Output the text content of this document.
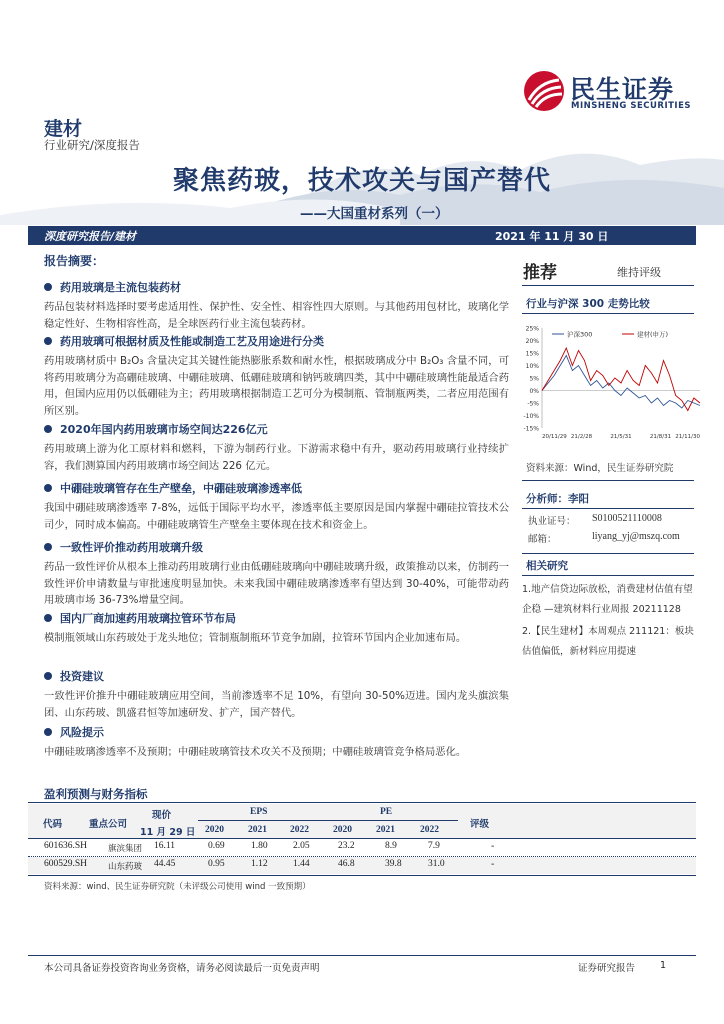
民生证券
MINSHENG SECURITIES
建材
行业研究/深度报告
聚焦药玻，技术攻关与国产替代
——大国重材系列（一）
深度研究报告/建材	2021 年 11 月 30 日
报告摘要：
药用玻璃是主流包装药材

药品包装材料选择时要考虑适用性、保护性、安全性、相容性四大原则。与其他药用包材比，玻璃化学稳定性好、生物相容性高，是全球医药行业主流包装药材。

药用玻璃可根据材质及性能或制造工艺及用途进行分类

药用玻璃材质中 B₂O₃ 含量决定其关键性能热膨胀系数和耐水性，根据玻璃成分中 B₂O₃ 含量不同，可将药用玻璃分为高硼硅玻璃、中硼硅玻璃、低硼硅玻璃和钠钙玻璃四类，其中中硼硅玻璃性能最适合药用，但国内应用仍以低硼硅为主；药用玻璃根据制造工艺可分为模制瓶、管制瓶两类，二者应用范围有所区别。

2020年国内药用玻璃市场空间达226亿元

药用玻璃上游为化工原材料和燃料，下游为制药行业。下游需求稳中有升，驱动药用玻璃行业持续扩容，我们测算国内药用玻璃市场空间达 226 亿元。

中硼硅玻璃管存在生产壁垒，中硼硅玻璃渗透率低

我国中硼硅玻璃渗透率 7-8%，远低于国际平均水平，渗透率低主要原因是国内掌握中硼硅拉管技术公司少，同时成本偏高。中硼硅玻璃管生产壁垒主要体现在技术和资金上。

一致性评价推动药用玻璃升级

药品一致性评价从根本上推动药用玻璃行业由低硼硅玻璃向中硼硅玻璃升级，政策推动以来，仿制药一致性评价申请数量与审批速度明显加快。未来我国中硼硅玻璃渗透率有望达到 30-40%，可能带动药用玻璃市场 36-73%增量空间。

国内厂商加速药用玻璃拉管环节布局

模制瓶领域山东药玻处于龙头地位；管制瓶制瓶环节竞争加剧，拉管环节国内企业加速布局。

投资建议

一致性评价推升中硼硅玻璃应用空间，当前渗透率不足 10%，有望向 30-50%迈进。国内龙头旗滨集团、山东药玻、凯盛君恒等加速研发、扩产，国产替代。

风险提示

中硼硅玻璃渗透率不及预期；中硼硅玻璃管技术攻关不及预期；中硼硅玻璃管竞争格局恶化。

推荐	维持评级
行业与沪深 300 走势比较
25%
20%
15%
10%
5%
0%
-5%
-10%
-15%
20/11/29 21/2/28	21/5/31	21/8/31 21/11/30
沪深300	建材(申万)
资料来源：Wind，民生证券研究院
分析师：李阳
执业证号： S0100521110008
邮箱：	liyang_yj@mszq.com
相关研究
1.地产信贷边际放松，消费建材估值有望企稳 —建筑材料行业周报 20211128
2.【民生建材】本周观点 211121：板块估值偏低，新材料应用提速
盈利预测与财务指标
代码	重点公司
现价
11 月 29 日
EPS	PE
评级
2020	2021 2022	2020	2021	2022
601636.SH 旗滨集团 16.11	0.69	1.80	2.05	23.2	8.9	7.9	-
600529.SH 山东药玻 44.45	0.95	1.12	1.44	46.8	39.8	31.0	-
资料来源：wind、民生证券研究院（未评级公司使用 wind 一致预期）
本公司具备证券投资咨询业务资格，请务必阅读最后一页免责声明	证券研究报告	1
